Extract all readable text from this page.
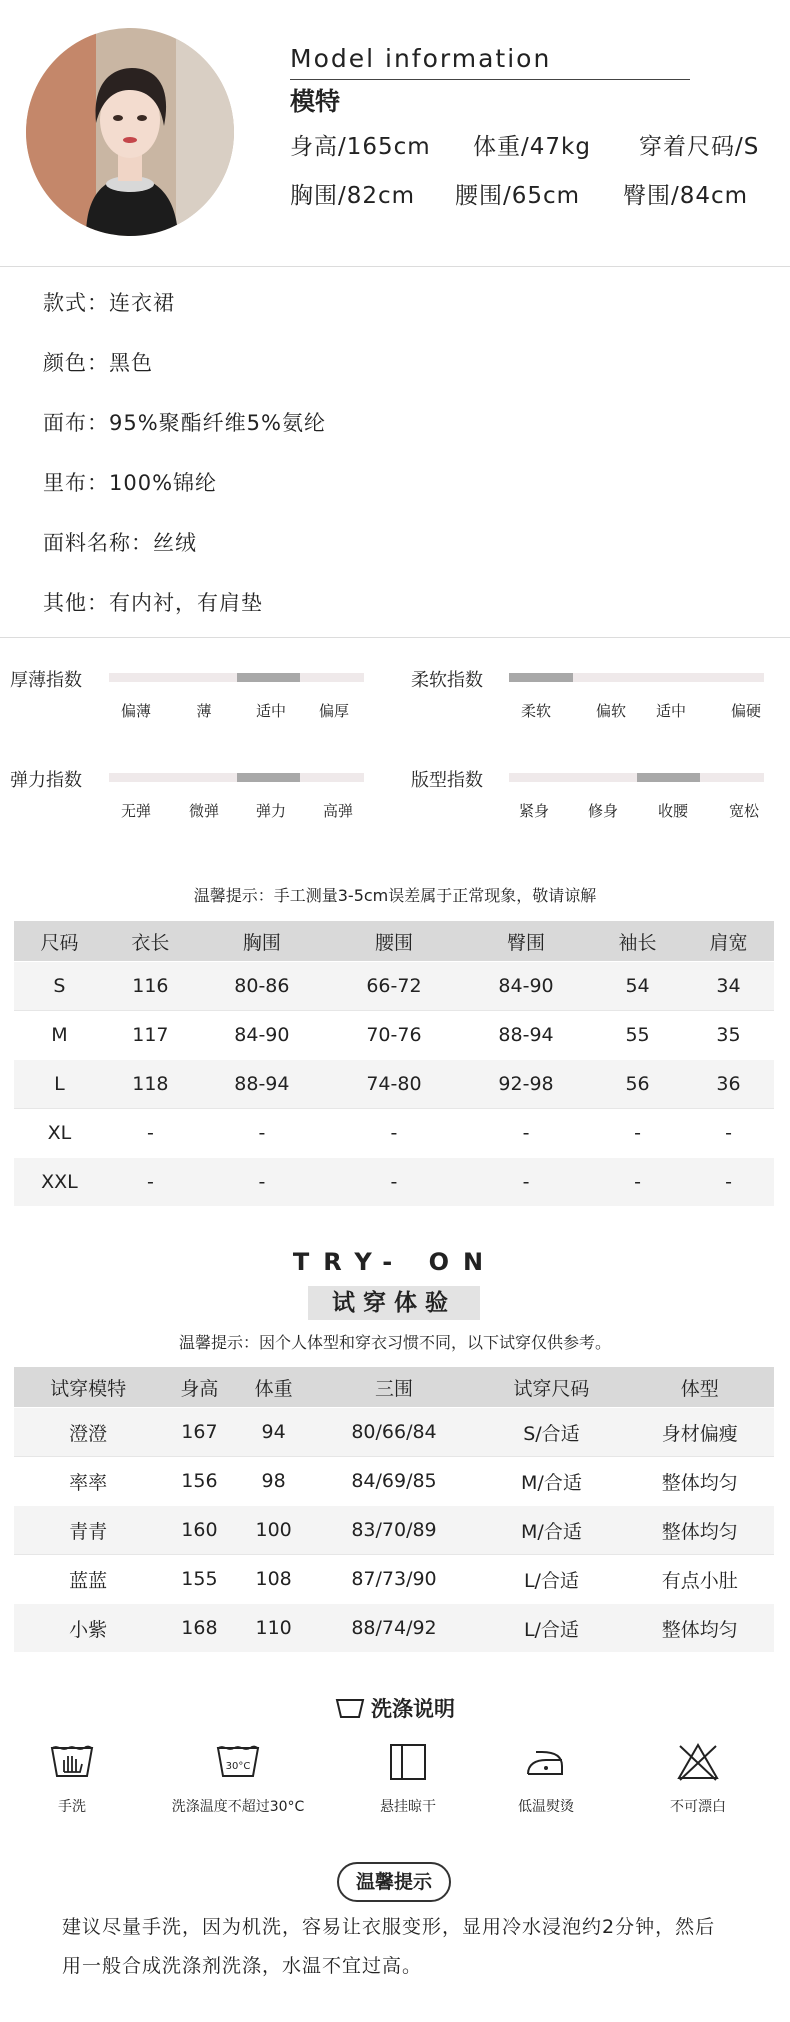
Model information
模特
身高/165cm 体重/47kg 穿着尺码/S
胸围/82cm 腰围/65cm 臀围/84cm
款式：连衣裙
颜色：黑色
面布：95%聚酯纤维5%氨纶
里布：100%锦纶
面料名称：丝绒
其他：有内衬，有肩垫
厚薄指数
偏薄	薄	适中 偏厚
柔软指数
柔软	偏软 适中	偏硬
弹力指数
无弹	微弹 弹力 高弹
版型指数
紧身	修身	收腰	宽松
温馨提示：手工测量3-5cm误差属于正常现象，敬请谅解
尺码	衣长	胸围	腰围	臀围	袖长	肩宽
S	116	80-86	66-72	84-90	54	34
M	117	84-90	70-76	88-94	55	35
L	118	88-94	74-80	92-98	56	36
XL	-	-	-	-	-	-
XXL	-	-	-	-	-	-
TRY- ON
试穿体验
温馨提示：因个人体型和穿衣习惯不同，以下试穿仅供参考。
试穿模特	身高	体重	三围	试穿尺码	体型
澄澄	167	94	80/66/84	S/合适	身材偏瘦
率率	156	98	84/69/85	M/合适	整体均匀
青青	160	100	83/70/89	M/合适	整体均匀
蓝蓝	155	108	87/73/90	L/合适	有点小肚
小紫	168	110	88/74/92	L/合适	整体均匀
洗涤说明
手洗
30°C
洗涤温度不超过30°C	悬挂晾干	低温熨烫	不可漂白
温馨提示
建议尽量手洗，因为机洗，容易让衣服变形，显用冷水浸泡约2分钟，然后
用一般合成洗涤剂洗涤，水温不宜过高。
